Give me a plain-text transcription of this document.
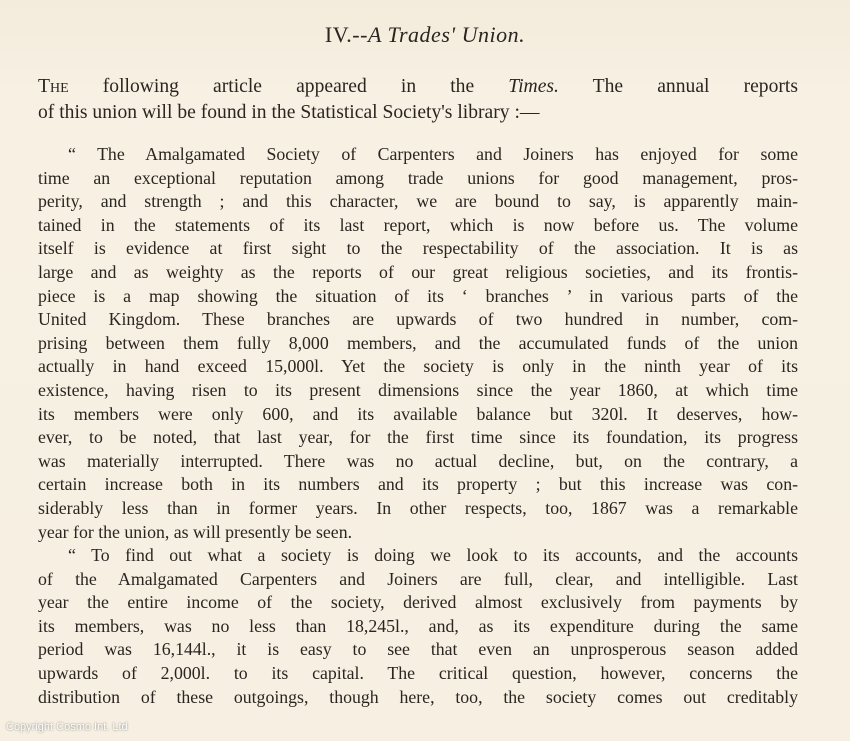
IV.--A Trades' Union.
The following article appeared in the Times. The annual reports
of this union will be found in the Statistical Society's library :—
“ The Amalgamated Society of Carpenters and Joiners has enjoyed for some
time an exceptional reputation among trade unions for good management, pros-
perity, and strength ; and this character, we are bound to say, is apparently main-
tained in the statements of its last report, which is now before us. The volume
itself is evidence at first sight to the respectability of the association. It is as
large and as weighty as the reports of our great religious societies, and its frontis-
piece is a map showing the situation of its ‘ branches ’ in various parts of the
United Kingdom. These branches are upwards of two hundred in number, com-
prising between them fully 8,000 members, and the accumulated funds of the union
actually in hand exceed 15,000l. Yet the society is only in the ninth year of its
existence, having risen to its present dimensions since the year 1860, at which time
its members were only 600, and its available balance but 320l. It deserves, how-
ever, to be noted, that last year, for the first time since its foundation, its progress
was materially interrupted. There was no actual decline, but, on the contrary, a
certain increase both in its numbers and its property ; but this increase was con-
siderably less than in former years. In other respects, too, 1867 was a remarkable
year for the union, as will presently be seen.
“ To find out what a society is doing we look to its accounts, and the accounts
of the Amalgamated Carpenters and Joiners are full, clear, and intelligible. Last
year the entire income of the society, derived almost exclusively from payments by
its members, was no less than 18,245l., and, as its expenditure during the same
period was 16,144l., it is easy to see that even an unprosperous season added
upwards of 2,000l. to its capital. The critical question, however, concerns the
distribution of these outgoings, though here, too, the society comes out creditably
Copyright Cosmo Int. Ltd
